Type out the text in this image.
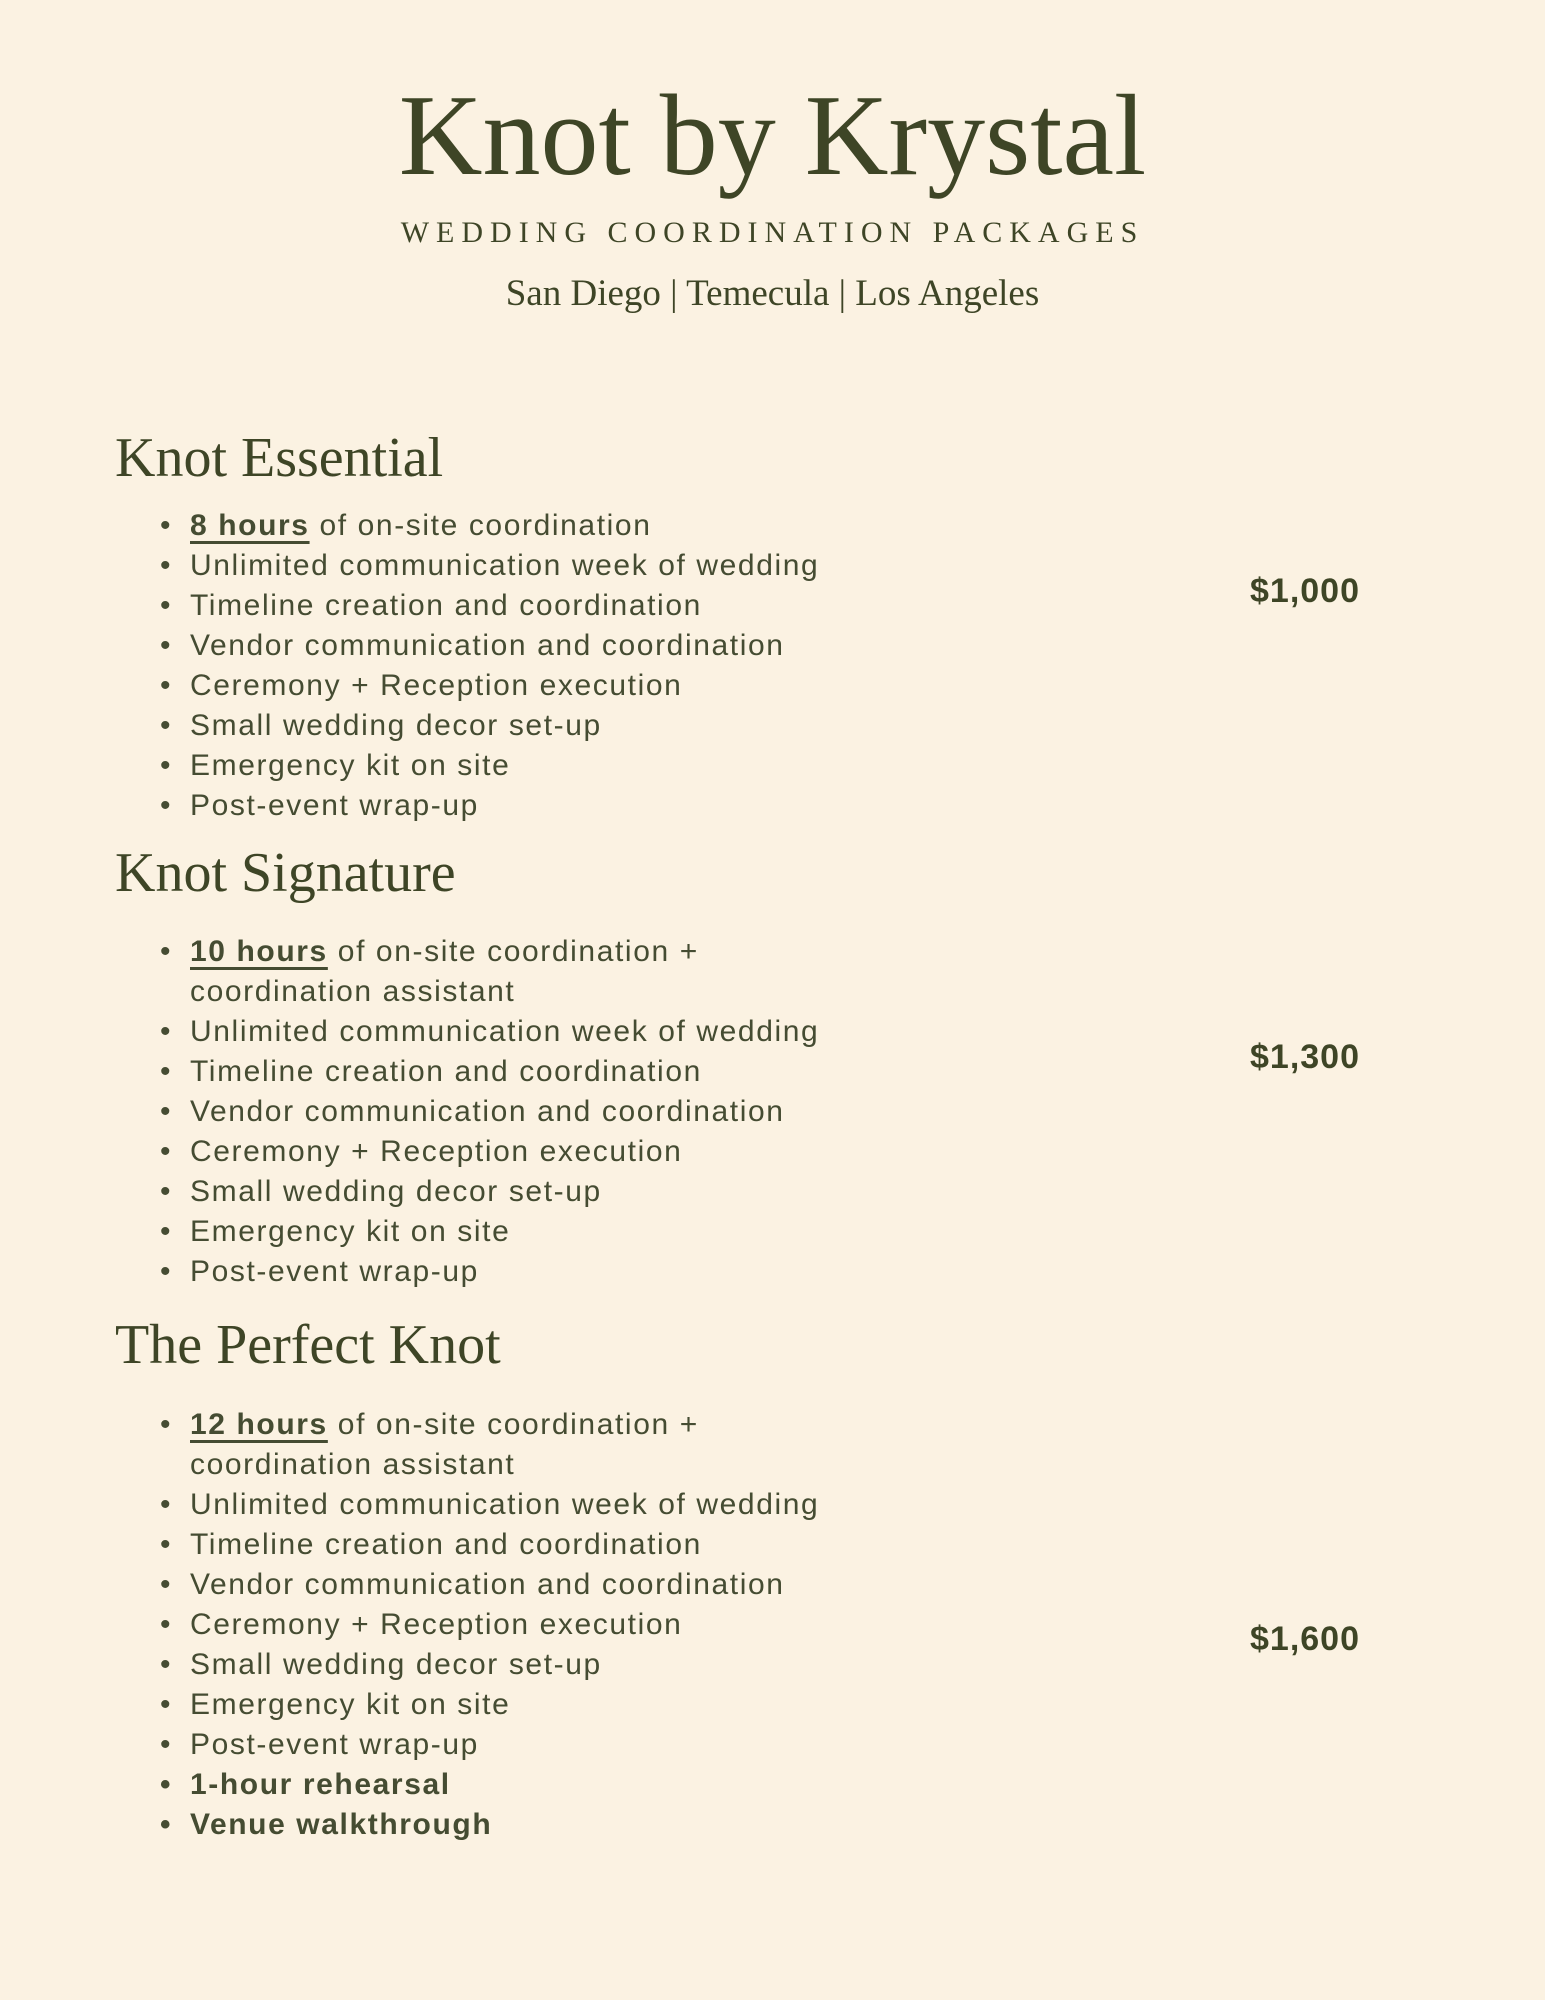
Knot by Krystal
WEDDING COORDINATION PACKAGES
San Diego | Temecula | Los Angeles
Knot Essential
• 8 hours of on-site coordination
• Unlimited communication week of wedding
• Timeline creation and coordination
• Vendor communication and coordination
• Ceremony + Reception execution
• Small wedding decor set-up
• Emergency kit on site
• Post-event wrap-up
$1,000
Knot Signature
• 10 hours of on-site coordination +
coordination assistant
• Unlimited communication week of wedding
• Timeline creation and coordination
• Vendor communication and coordination
• Ceremony + Reception execution
• Small wedding decor set-up
• Emergency kit on site
• Post-event wrap-up
$1,300
The Perfect Knot
• 12 hours of on-site coordination +
coordination assistant
• Unlimited communication week of wedding
• Timeline creation and coordination
• Vendor communication and coordination
• Ceremony + Reception execution
• Small wedding decor set-up
• Emergency kit on site
• Post-event wrap-up
• 1-hour rehearsal
• Venue walkthrough
$1,600
